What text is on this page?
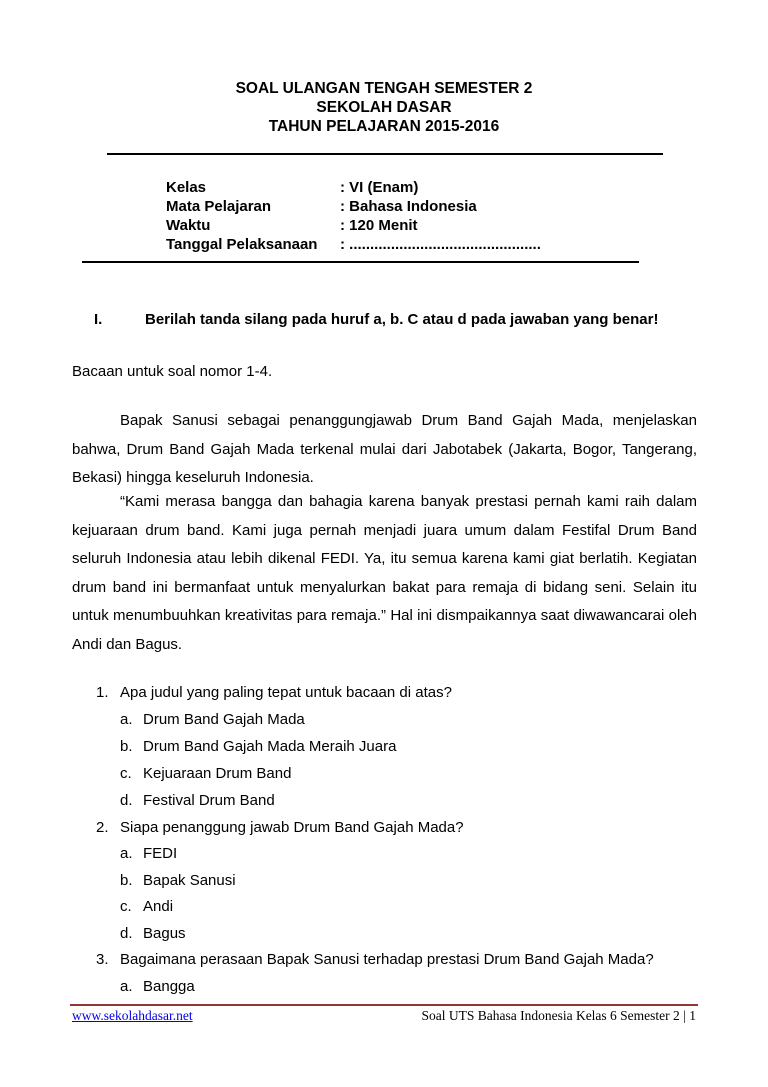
SOAL ULANGAN TENGAH SEMESTER 2
SEKOLAH DASAR
TAHUN PELAJARAN 2015-2016
Kelas	: VI (Enam)
Mata Pelajaran	: Bahasa Indonesia
Waktu	: 120 Menit
Tanggal Pelaksanaan : ..............................................
I.	Berilah tanda silang pada huruf a, b. C atau d pada jawaban yang benar!
Bacaan untuk soal nomor 1-4.
Bapak Sanusi sebagai penanggungjawab Drum Band Gajah Mada, menjelaskan bahwa, Drum Band Gajah Mada terkenal mulai dari Jabotabek (Jakarta, Bogor, Tangerang, Bekasi) hingga keseluruh Indonesia.
“Kami merasa bangga dan bahagia karena banyak prestasi pernah kami raih dalam kejuaraan drum band. Kami juga pernah menjadi juara umum dalam Festifal Drum Band seluruh Indonesia atau lebih dikenal FEDI. Ya, itu semua karena kami giat berlatih. Kegiatan drum band ini bermanfaat untuk menyalurkan bakat para remaja di bidang seni. Selain itu untuk menumbuuhkan kreativitas para remaja.” Hal ini dismpaikannya saat diwawancarai oleh Andi dan Bagus.
1. Apa judul yang paling tepat untuk bacaan di atas?
a. Drum Band Gajah Mada
b. Drum Band Gajah Mada Meraih Juara
c. Kejuaraan Drum Band
d. Festival Drum Band
2. Siapa penanggung jawab Drum Band Gajah Mada?
a. FEDI
b. Bapak Sanusi
c. Andi
d. Bagus
3. Bagaimana perasaan Bapak Sanusi terhadap prestasi Drum Band Gajah Mada?
a. Bangga
www.sekolahdasar.net	Soal UTS Bahasa Indonesia Kelas 6 Semester 2 | 1
